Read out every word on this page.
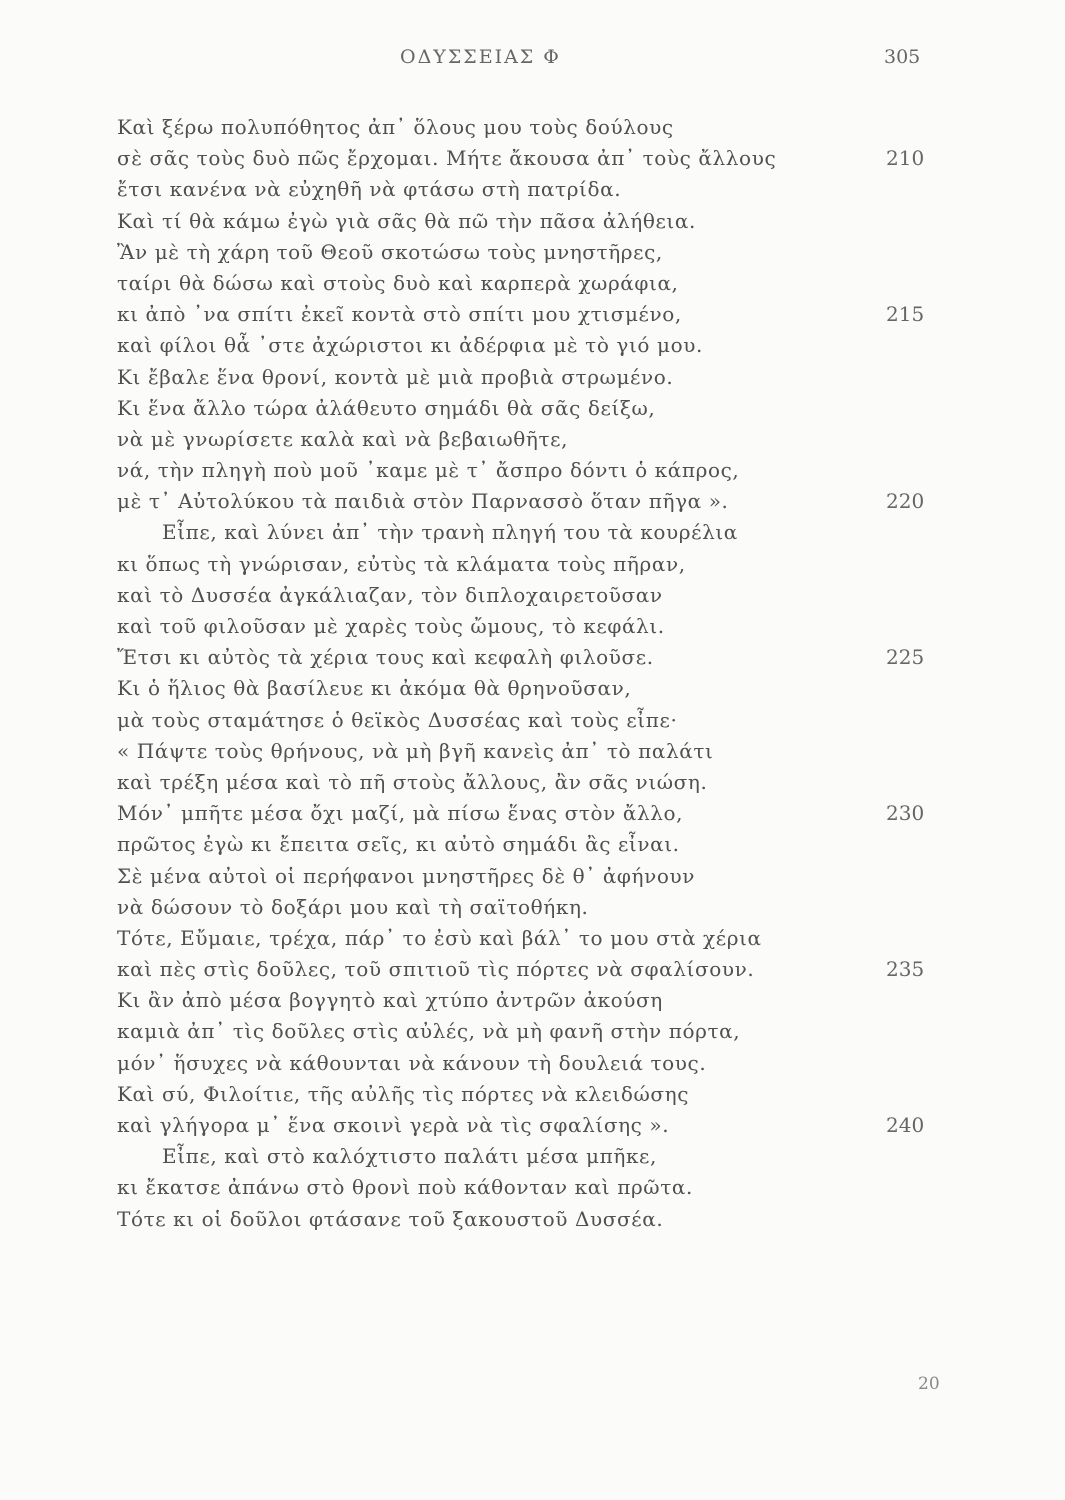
ΟΔΥΣΣΕΙΑΣ Φ	305
Καὶ ξέρω πολυπόθητος ἀπ᾿ ὅλους μου τοὺς δούλους
σὲ σᾶς τοὺς δυὸ πῶς ἔρχομαι. Μήτε ἄκουσα ἀπ᾿ τοὺς ἄλλους	210
ἔτσι κανένα νὰ εὐχηθῆ νὰ φτάσω στὴ πατρίδα.
Καὶ τί θὰ κάμω ἐγὼ γιὰ σᾶς θὰ πῶ τὴν πᾶσα ἀλήθεια.
Ἂν μὲ τὴ χάρη τοῦ Θεοῦ σκοτώσω τοὺς μνηστῆρες,
ταίρι θὰ δώσω καὶ στοὺς δυὸ καὶ καρπερὰ χωράφια,
κι ἀπὸ ᾿να σπίτι ἐκεῖ κοντὰ στὸ σπίτι μου χτισμένο,	215
καὶ φίλοι θἆ ᾿στε ἀχώριστοι κι ἀδέρφια μὲ τὸ γιό μου.
Κι ἔβαλε ἕνα θρονί, κοντὰ μὲ μιὰ προβιὰ στρωμένο.
Κι ἕνα ἄλλο τώρα ἀλάθευτο σημάδι θὰ σᾶς δείξω,
νὰ μὲ γνωρίσετε καλὰ καὶ νὰ βεβαιωθῆτε,
νά, τὴν πληγὴ ποὺ μοῦ ᾿καμε μὲ τ᾿ ἄσπρο δόντι ὁ κάπρος,
μὲ τ᾿ Αὐτολύκου τὰ παιδιὰ στὸν Παρνασσὸ ὅταν πῆγα ».	220
Εἶπε, καὶ λύνει ἀπ᾿ τὴν τρανὴ πληγή του τὰ κουρέλια
κι ὅπως τὴ γνώρισαν, εὐτὺς τὰ κλάματα τοὺς πῆραν,
καὶ τὸ Δυσσέα ἀγκάλιαζαν, τὸν διπλοχαιρετοῦσαν
καὶ τοῦ φιλοῦσαν μὲ χαρὲς τοὺς ὤμους, τὸ κεφάλι.
Ἔτσι κι αὐτὸς τὰ χέρια τους καὶ κεφαλὴ φιλοῦσε.	225
Κι ὁ ἥλιος θὰ βασίλευε κι ἀκόμα θὰ θρηνοῦσαν,
μὰ τοὺς σταμάτησε ὁ θεϊκὸς Δυσσέας καὶ τοὺς εἶπε·
« Πάψτε τοὺς θρήνους, νὰ μὴ βγῆ κανεὶς ἀπ᾿ τὸ παλάτι
καὶ τρέξη μέσα καὶ τὸ πῆ στοὺς ἄλλους, ἂν σᾶς νιώση.
Μόν᾿ μπῆτε μέσα ὄχι μαζί, μὰ πίσω ἕνας στὸν ἄλλο,	230
πρῶτος ἐγὼ κι ἔπειτα σεῖς, κι αὐτὸ σημάδι ἂς εἶναι.
Σὲ μένα αὐτοὶ οἱ περήφανοι μνηστῆρες δὲ θ᾿ ἀφήνουν
νὰ δώσουν τὸ δοξάρι μου καὶ τὴ σαϊτοθήκη.
Τότε, Εὔμαιε, τρέχα, πάρ᾿ το ἐσὺ καὶ βάλ᾿ το μου στὰ χέρια
καὶ πὲς στὶς δοῦλες, τοῦ σπιτιοῦ τὶς πόρτες νὰ σφαλίσουν.	235
Κι ἂν ἀπὸ μέσα βογγητὸ καὶ χτύπο ἀντρῶν ἀκούση
καμιὰ ἀπ᾿ τὶς δοῦλες στὶς αὐλές, νὰ μὴ φανῆ στὴν πόρτα,
μόν᾿ ἥσυχες νὰ κάθουνται νὰ κάνουν τὴ δουλειά τους.
Καὶ σύ, Φιλοίτιε, τῆς αὐλῆς τὶς πόρτες νὰ κλειδώσης
καὶ γλήγορα μ᾿ ἕνα σκοινὶ γερὰ νὰ τὶς σφαλίσης ».	240
Εἶπε, καὶ στὸ καλόχτιστο παλάτι μέσα μπῆκε,
κι ἔκατσε ἀπάνω στὸ θρονὶ ποὺ κάθονταν καὶ πρῶτα.
Τότε κι οἱ δοῦλοι φτάσανε τοῦ ξακουστοῦ Δυσσέα.
20
